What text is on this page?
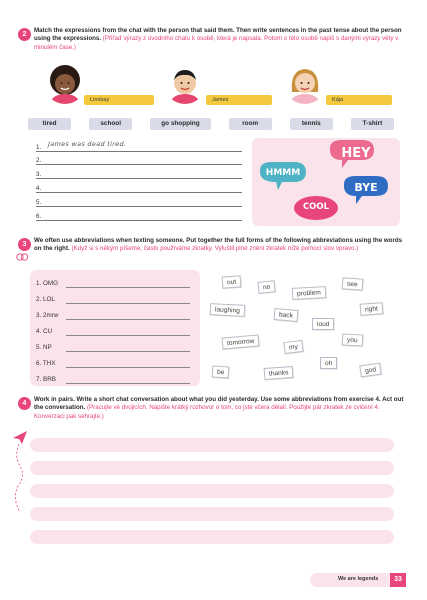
2
Match the expressions from the chat with the person that said them. Then write sentences in the past tense about the person using the expressions. (Přiřaď výrazy z úvodního chatu k osobě, která je napsala. Potom o této osobě napiš s danými výrazy věty v minulém čase.)
Lindsay	James	Kája
tired	school	go shopping	room	tennis	T-shirt
1. James was dead tired.
2.
3.
4.
5.
6.
HEY
HMMM
BYE
COOL
3
We often use abbreviations when texting someone. Put together the full forms of the following abbreviations using the words on the right. (Když si s někým píšeme, často používáme zkratky. Vyluštil plné znění zkratek níže pomocí slov vpravo.)
1. OMG
2. LOL
3. 2mrw
4. CU
5. NP
6. THX
7. BRB
out
no
problem
see
laughing
back
right
loud
tomorrow
my
you
oh
be	thanks	god
4
Work in pairs. Write a short chat conversation about what you did yesterday. Use some abbreviations from exercise 4. Act out the conversation. (Pracujte ve dvojicích. Napište krátký rozhovor o tom, co jste včera dělali. Použijte pár zkratek ze cvičení 4. Konverzaci pak sehrajte.)
We are legends	33
